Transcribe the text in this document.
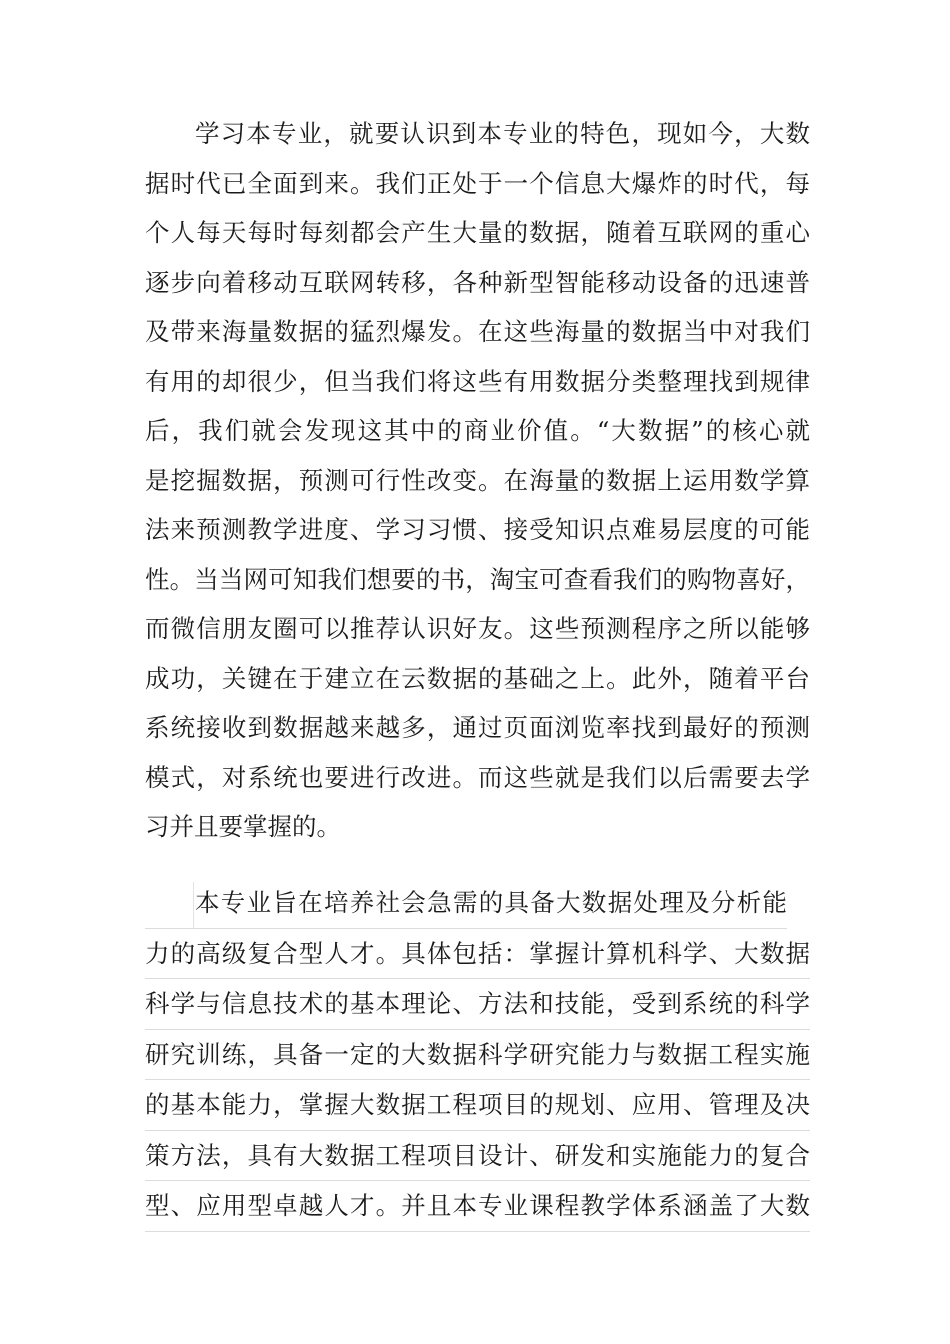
学习本专业，就要认识到本专业的特色，现如今，大数
据时代已全面到来。我们正处于一个信息大爆炸的时代，每
个人每天每时每刻都会产生大量的数据，随着互联网的重心
逐步向着移动互联网转移，各种新型智能移动设备的迅速普
及带来海量数据的猛烈爆发。在这些海量的数据当中对我们
有用的却很少，但当我们将这些有用数据分类整理找到规律
后，我们就会发现这其中的商业价值。“大数据”的核心就
是挖掘数据，预测可行性改变。在海量的数据上运用数学算
法来预测教学进度、学习习惯、接受知识点难易层度的可能
性。当当网可知我们想要的书，淘宝可查看我们的购物喜好，
而微信朋友圈可以推荐认识好友。这些预测程序之所以能够
成功，关键在于建立在云数据的基础之上。此外，随着平台
系统接收到数据越来越多，通过页面浏览率找到最好的预测
模式，对系统也要进行改进。而这些就是我们以后需要去学
习并且要掌握的。
本专业旨在培养社会急需的具备大数据处理及分析能
力的高级复合型人才。具体包括：掌握计算机科学、大数据
科学与信息技术的基本理论、方法和技能，受到系统的科学
研究训练，具备一定的大数据科学研究能力与数据工程实施
的基本能力，掌握大数据工程项目的规划、应用、管理及决
策方法，具有大数据工程项目设计、研发和实施能力的复合
型、应用型卓越人才。并且本专业课程教学体系涵盖了大数
